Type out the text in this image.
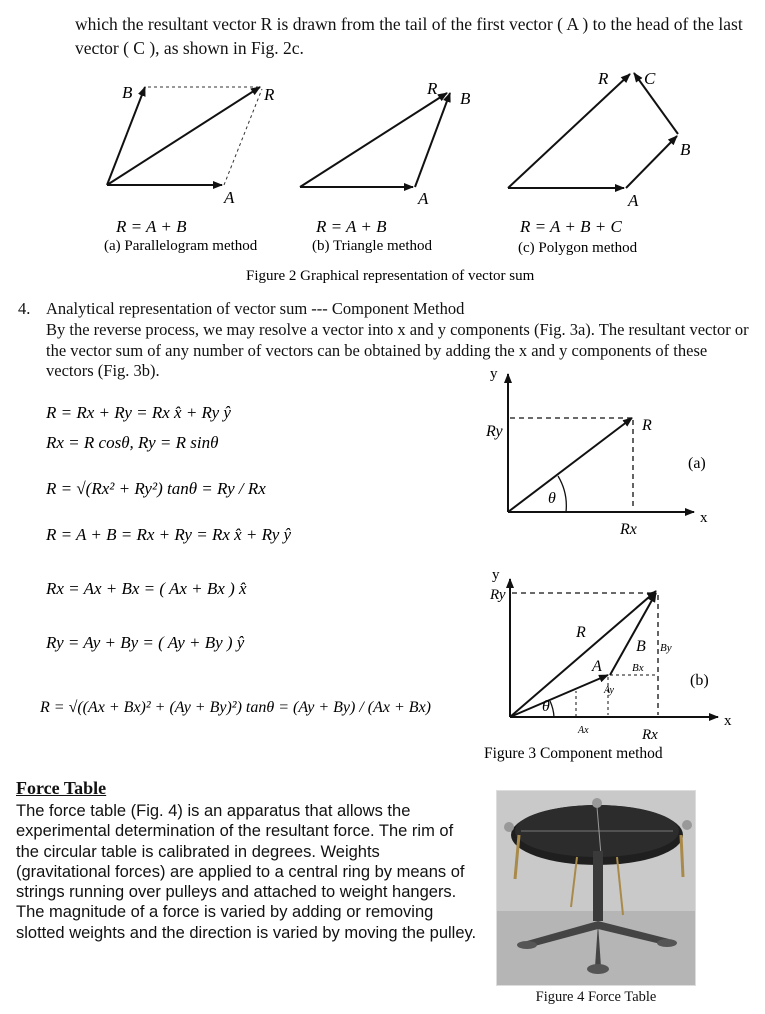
which the resultant vector R is drawn from the tail of the first vector ( A ) to the head of the last

vector ( C ), as shown in Fig. 2c.

B	R
A
R
B
A
R C
B
A
R = A + B	R = A + B	R = A + B + C
(a) Parallelogram method	(b) Triangle method	(c) Polygon method
Figure 2 Graphical representation of vector sum
4. Analytical representation of vector sum --- Component Method

By the reverse process, we may resolve a vector into x and y components (Fig. 3a). The resultant vector or the vector sum of any number of vectors can be obtained by adding the x and y components of these vectors (Fig. 3b).

R = Rx + Ry = Rx x̂ + Ry ŷ
Rx = R cosθ, Ry = R sinθ
R = √(Rx² + Ry²) tanθ = Ry / Rx
R = A + B = Rx + Ry = Rx x̂ + Ry ŷ
Rx = Ax + Bx = ( Ax + Bx ) x̂
Ry = Ay + By = ( Ay + By ) ŷ
R = √((Ax + Bx)² + (Ay + By)²) tanθ = (Ay + By) / (Ax + Bx)
y
x
Ry	R
θ
Rx
(a)
y
x
Ry
R
B By
Bx
A
Ay
Ax	Rx
θ
(b)
Figure 3 Component method
Force Table

The force table (Fig. 4) is an apparatus that allows the experimental determination of the resultant force. The rim of the circular table is calibrated in degrees. Weights (gravitational forces) are applied to a central ring by means of strings running over pulleys and attached to weight hangers. The magnitude of a force is varied by adding or removing slotted weights and the direction is varied by moving the pulley.

Figure 4 Force Table
